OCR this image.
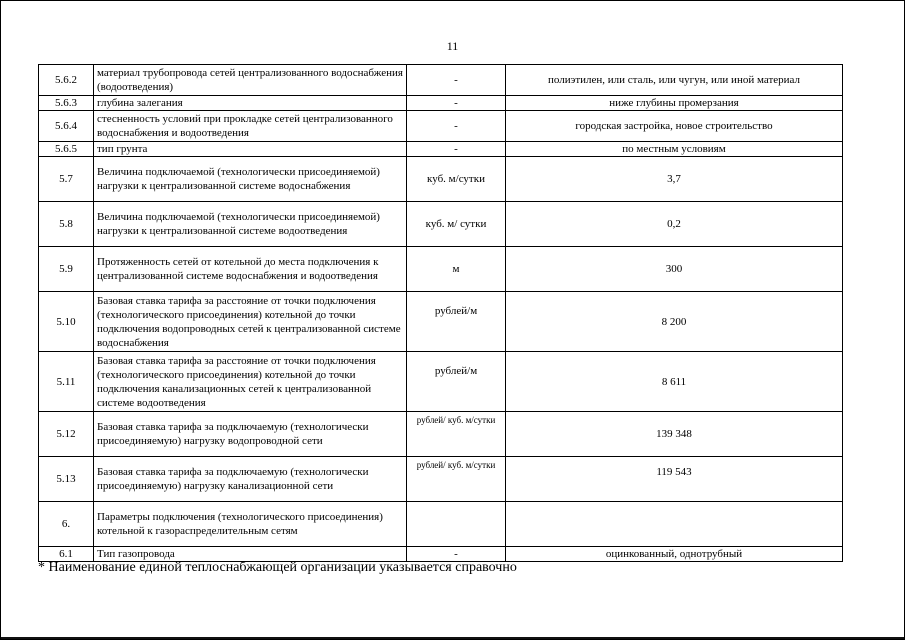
11
5.6.2	материал трубопровода сетей централизованного водоснабжения (водоотведения)	-	полиэтилен, или сталь, или чугун, или иной материал
5.6.3	глубина залегания	-	ниже глубины промерзания
5.6.4	стесненность условий при прокладке сетей централизованного водоснабжения и водоотведения	-	городская застройка, новое строительство
5.6.5	тип грунта	-	по местным условиям
5.7	Величина подключаемой (технологически присоединяемой) нагрузки к централизованной системе водоснабжения	куб. м/сутки	3,7
5.8	Величина подключаемой (технологически присоединяемой) нагрузки к централизованной системе водоотведения	куб. м/ сутки	0,2
5.9	Протяженность сетей от котельной до места подключения к централизованной системе водоснабжения и водоотведения	м	300
5.10	Базовая ставка тарифа за расстояние от точки подключения (технологического присоединения) котельной до точки подключения водопроводных сетей к централизованной системе водоснабжения	рублей/м	8 200
5.11	Базовая ставка тарифа за расстояние от точки подключения (технологического присоединения) котельной до точки подключения канализационных сетей к централизованной системе водоотведения	рублей/м	8 611
5.12	Базовая ставка тарифа за подключаемую (технологически присоединяемую) нагрузку водопроводной сети	рублей/ куб. м/сутки	139 348
5.13	Базовая ставка тарифа за подключаемую (технологически присоединяемую) нагрузку канализационной сети	рублей/ куб. м/сутки	119 543
6.	Параметры подключения (технологического присоединения) котельной к газораспределительным сетям		
6.1	Тип газопровода	-	оцинкованный, однотрубный
* Наименование единой теплоснабжающей организации указывается справочно
